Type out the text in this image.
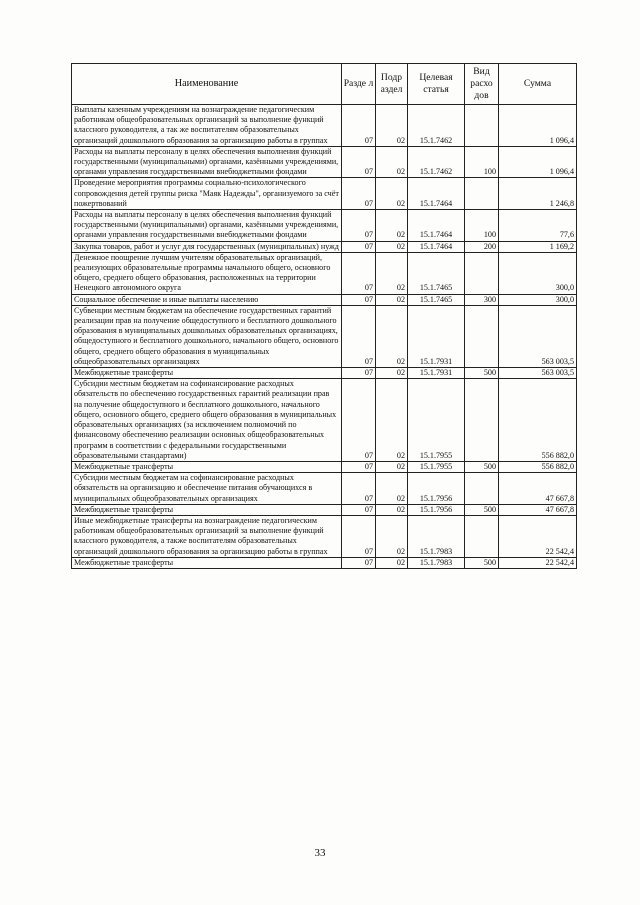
Наименование	Разде л	Подр аздел	Целевая статья	Вид расхо дов	Сумма
Выплаты казенным учреждениям на вознаграждение педагогическим работникам общеобразовательных организаций за выполнение функций классного руководителя, а так же воспитателям образовательных организаций дошкольного образования за организацию работы в группах	07	02	15.1.7462		1 096,4
Расходы на выплаты персоналу в целях обеспечения выполнения функций государственными (муниципальными) органами, казёнными учреждениями, органами управления государственными внебюджетными фондами	07	02	15.1.7462	100	1 096,4
Проведение мероприятия программы социально-психологического сопровождения детей группы риска "Маяк Надежды", организуемого за счёт пожертвований	07	02	15.1.7464		1 246,8
Расходы на выплаты персоналу в целях обеспечения выполнения функций государственными (муниципальными) органами, казёнными учреждениями, органами управления государственными внебюджетными фондами	07	02	15.1.7464	100	77,6
Закупка товаров, работ и услуг для государственных (муниципальных) нужд	07	02	15.1.7464	200	1 169,2
Денежное поощрение лучшим учителям образовательных организаций, реализующих образовательные программы начального общего, основного общего, среднего общего образования, расположенных на территории Ненецкого автономного округа	07	02	15.1.7465		300,0
Социальное обеспечение и иные выплаты населению	07	02	15.1.7465	300	300,0
Субвенции местным бюджетам на обеспечение государственных гарантий реализации прав на получение общедоступного и бесплатного дошкольного образования в муниципальных дошкольных образовательных организациях, общедоступного и бесплатного дошкольного, начального общего, основного общего, среднего общего образования в муниципальных общеобразовательных организациях	07	02	15.1.7931		563 003,5
Межбюджетные трансферты	07	02	15.1.7931	500	563 003,5
Субсидии местным бюджетам на софинансирование расходных обязательств по обеспечению государственных гарантий реализации прав на получение общедоступного и бесплатного дошкольного, начального общего, основного общего, среднего общего образования в муниципальных образовательных организациях (за исключением полномочий по финансовому обеспечению реализации основных общеобразовательных программ в соответствии с федеральными государственными образовательными стандартами)	07	02	15.1.7955		556 882,0
Межбюджетные трансферты	07	02	15.1.7955	500	556 882,0
Субсидии местным бюджетам на софинансирование расходных обязательств на организацию и обеспечение питания обучающихся в муниципальных общеобразовательных организациях	07	02	15.1.7956		47 667,8
Межбюджетные трансферты	07	02	15.1.7956	500	47 667,8
Иные межбюджетные трансферты на вознаграждение педагогическим работникам общеобразовательных организаций за выполнение функций классного руководителя, а также воспитателям образовательных организаций дошкольного образования за организацию работы в группах	07	02	15.1.7983		22 542,4
Межбюджетные трансферты	07	02	15.1.7983	500	22 542,4
33
